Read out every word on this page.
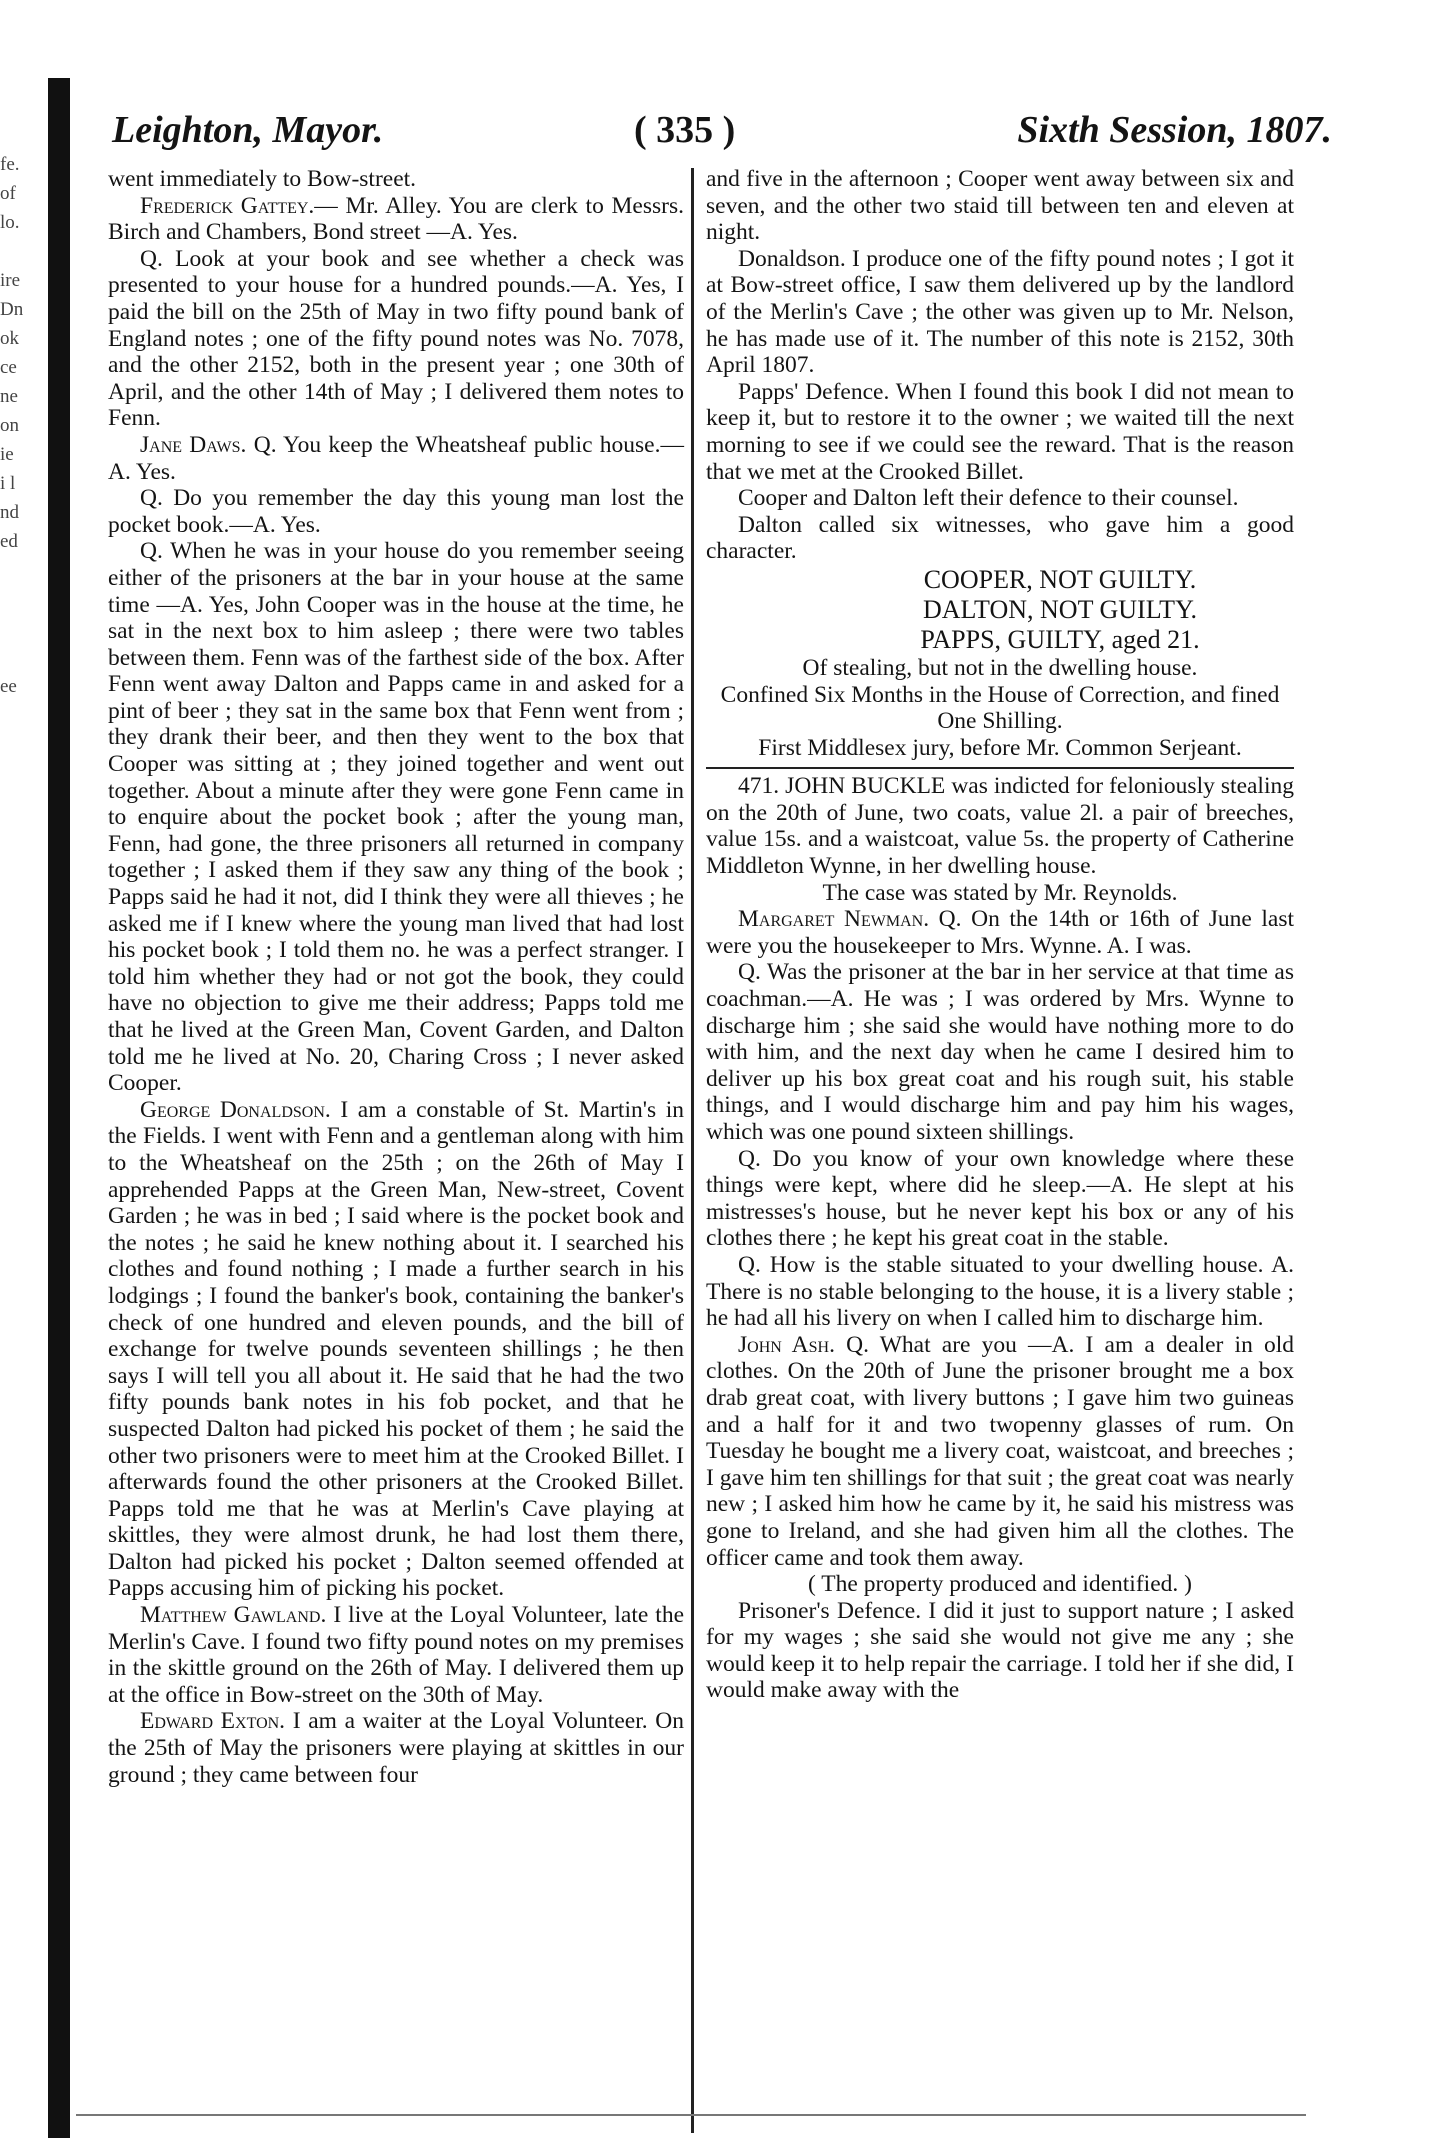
fe.
of
lo.
ire
Dn
ok
ce
ne
on
ie
i l
nd
ed
ee
Leighton, Mayor.	( 335 )	Sixth Session, 1807.

went immediately to Bow-street.

Frederick Gattey.— Mr. Alley. You are clerk to Messrs. Birch and Chambers, Bond street —A. Yes.

Q. Look at your book and see whether a check was presented to your house for a hundred pounds.—A. Yes, I paid the bill on the 25th of May in two fifty pound bank of England notes ; one of the fifty pound notes was No. 7078, and the other 2152, both in the present year ; one 30th of April, and the other 14th of May ; I delivered them notes to Fenn.

Jane Daws. Q. You keep the Wheatsheaf public house.— A. Yes.

Q. Do you remember the day this young man lost the pocket book.—A. Yes.

Q. When he was in your house do you remember seeing either of the prisoners at the bar in your house at the same time —A. Yes, John Cooper was in the house at the time, he sat in the next box to him asleep ; there were two tables between them. Fenn was of the farthest side of the box. After Fenn went away Dalton and Papps came in and asked for a pint of beer ; they sat in the same box that Fenn went from ; they drank their beer, and then they went to the box that Cooper was sitting at ; they joined together and went out together. About a minute after they were gone Fenn came in to enquire about the pocket book ; after the young man, Fenn, had gone, the three prisoners all returned in company together ; I asked them if they saw any thing of the book ; Papps said he had it not, did I think they were all thieves ; he asked me if I knew where the young man lived that had lost his pocket book ; I told them no. he was a perfect stranger. I told him whether they had or not got the book, they could have no objection to give me their address; Papps told me that he lived at the Green Man, Covent Garden, and Dalton told me he lived at No. 20, Charing Cross ; I never asked Cooper.

George Donaldson. I am a constable of St. Martin's in the Fields. I went with Fenn and a gentleman along with him to the Wheatsheaf on the 25th ; on the 26th of May I apprehended Papps at the Green Man, New-street, Covent Garden ; he was in bed ; I said where is the pocket book and the notes ; he said he knew nothing about it. I searched his clothes and found nothing ; I made a further search in his lodgings ; I found the banker's book, containing the banker's check of one hundred and eleven pounds, and the bill of exchange for twelve pounds seventeen shillings ; he then says I will tell you all about it. He said that he had the two fifty pounds bank notes in his fob pocket, and that he suspected Dalton had picked his pocket of them ; he said the other two prisoners were to meet him at the Crooked Billet. I afterwards found the other prisoners at the Crooked Billet. Papps told me that he was at Merlin's Cave playing at skittles, they were almost drunk, he had lost them there, Dalton had picked his pocket ; Dalton seemed offended at Papps accusing him of picking his pocket.

Matthew Gawland. I live at the Loyal Volunteer, late the Merlin's Cave. I found two fifty pound notes on my premises in the skittle ground on the 26th of May. I delivered them up at the office in Bow-street on the 30th of May.

Edward Exton. I am a waiter at the Loyal Volunteer. On the 25th of May the prisoners were playing at skittles in our ground ; they came between four

and five in the afternoon ; Cooper went away between six and seven, and the other two staid till between ten and eleven at night.

Donaldson. I produce one of the fifty pound notes ; I got it at Bow-street office, I saw them delivered up by the landlord of the Merlin's Cave ; the other was given up to Mr. Nelson, he has made use of it. The number of this note is 2152, 30th April 1807.

Papps' Defence. When I found this book I did not mean to keep it, but to restore it to the owner ; we waited till the next morning to see if we could see the reward. That is the reason that we met at the Crooked Billet.

Cooper and Dalton left their defence to their counsel.

Dalton called six witnesses, who gave him a good character.

COOPER, NOT GUILTY.

DALTON, NOT GUILTY.

PAPPS, GUILTY, aged 21.

Of stealing, but not in the dwelling house.

Confined Six Months in the House of Correction, and fined One Shilling.

First Middlesex jury, before Mr. Common Serjeant.

471. JOHN BUCKLE was indicted for feloniously stealing on the 20th of June, two coats, value 2l. a pair of breeches, value 15s. and a waistcoat, value 5s. the property of Catherine Middleton Wynne, in her dwelling house.

The case was stated by Mr. Reynolds.

Margaret Newman. Q. On the 14th or 16th of June last were you the housekeeper to Mrs. Wynne. A. I was.

Q. Was the prisoner at the bar in her service at that time as coachman.—A. He was ; I was ordered by Mrs. Wynne to discharge him ; she said she would have nothing more to do with him, and the next day when he came I desired him to deliver up his box great coat and his rough suit, his stable things, and I would discharge him and pay him his wages, which was one pound sixteen shillings.

Q. Do you know of your own knowledge where these things were kept, where did he sleep.—A. He slept at his mistresses's house, but he never kept his box or any of his clothes there ; he kept his great coat in the stable.

Q. How is the stable situated to your dwelling house. A. There is no stable belonging to the house, it is a livery stable ; he had all his livery on when I called him to discharge him.

John Ash. Q. What are you —A. I am a dealer in old clothes. On the 20th of June the prisoner brought me a box drab great coat, with livery buttons ; I gave him two guineas and a half for it and two twopenny glasses of rum. On Tuesday he bought me a livery coat, waistcoat, and breeches ; I gave him ten shillings for that suit ; the great coat was nearly new ; I asked him how he came by it, he said his mistress was gone to Ireland, and she had given him all the clothes. The officer came and took them away.

( The property produced and identified. )

Prisoner's Defence. I did it just to support nature ; I asked for my wages ; she said she would not give me any ; she would keep it to help repair the carriage. I told her if she did, I would make away with the
